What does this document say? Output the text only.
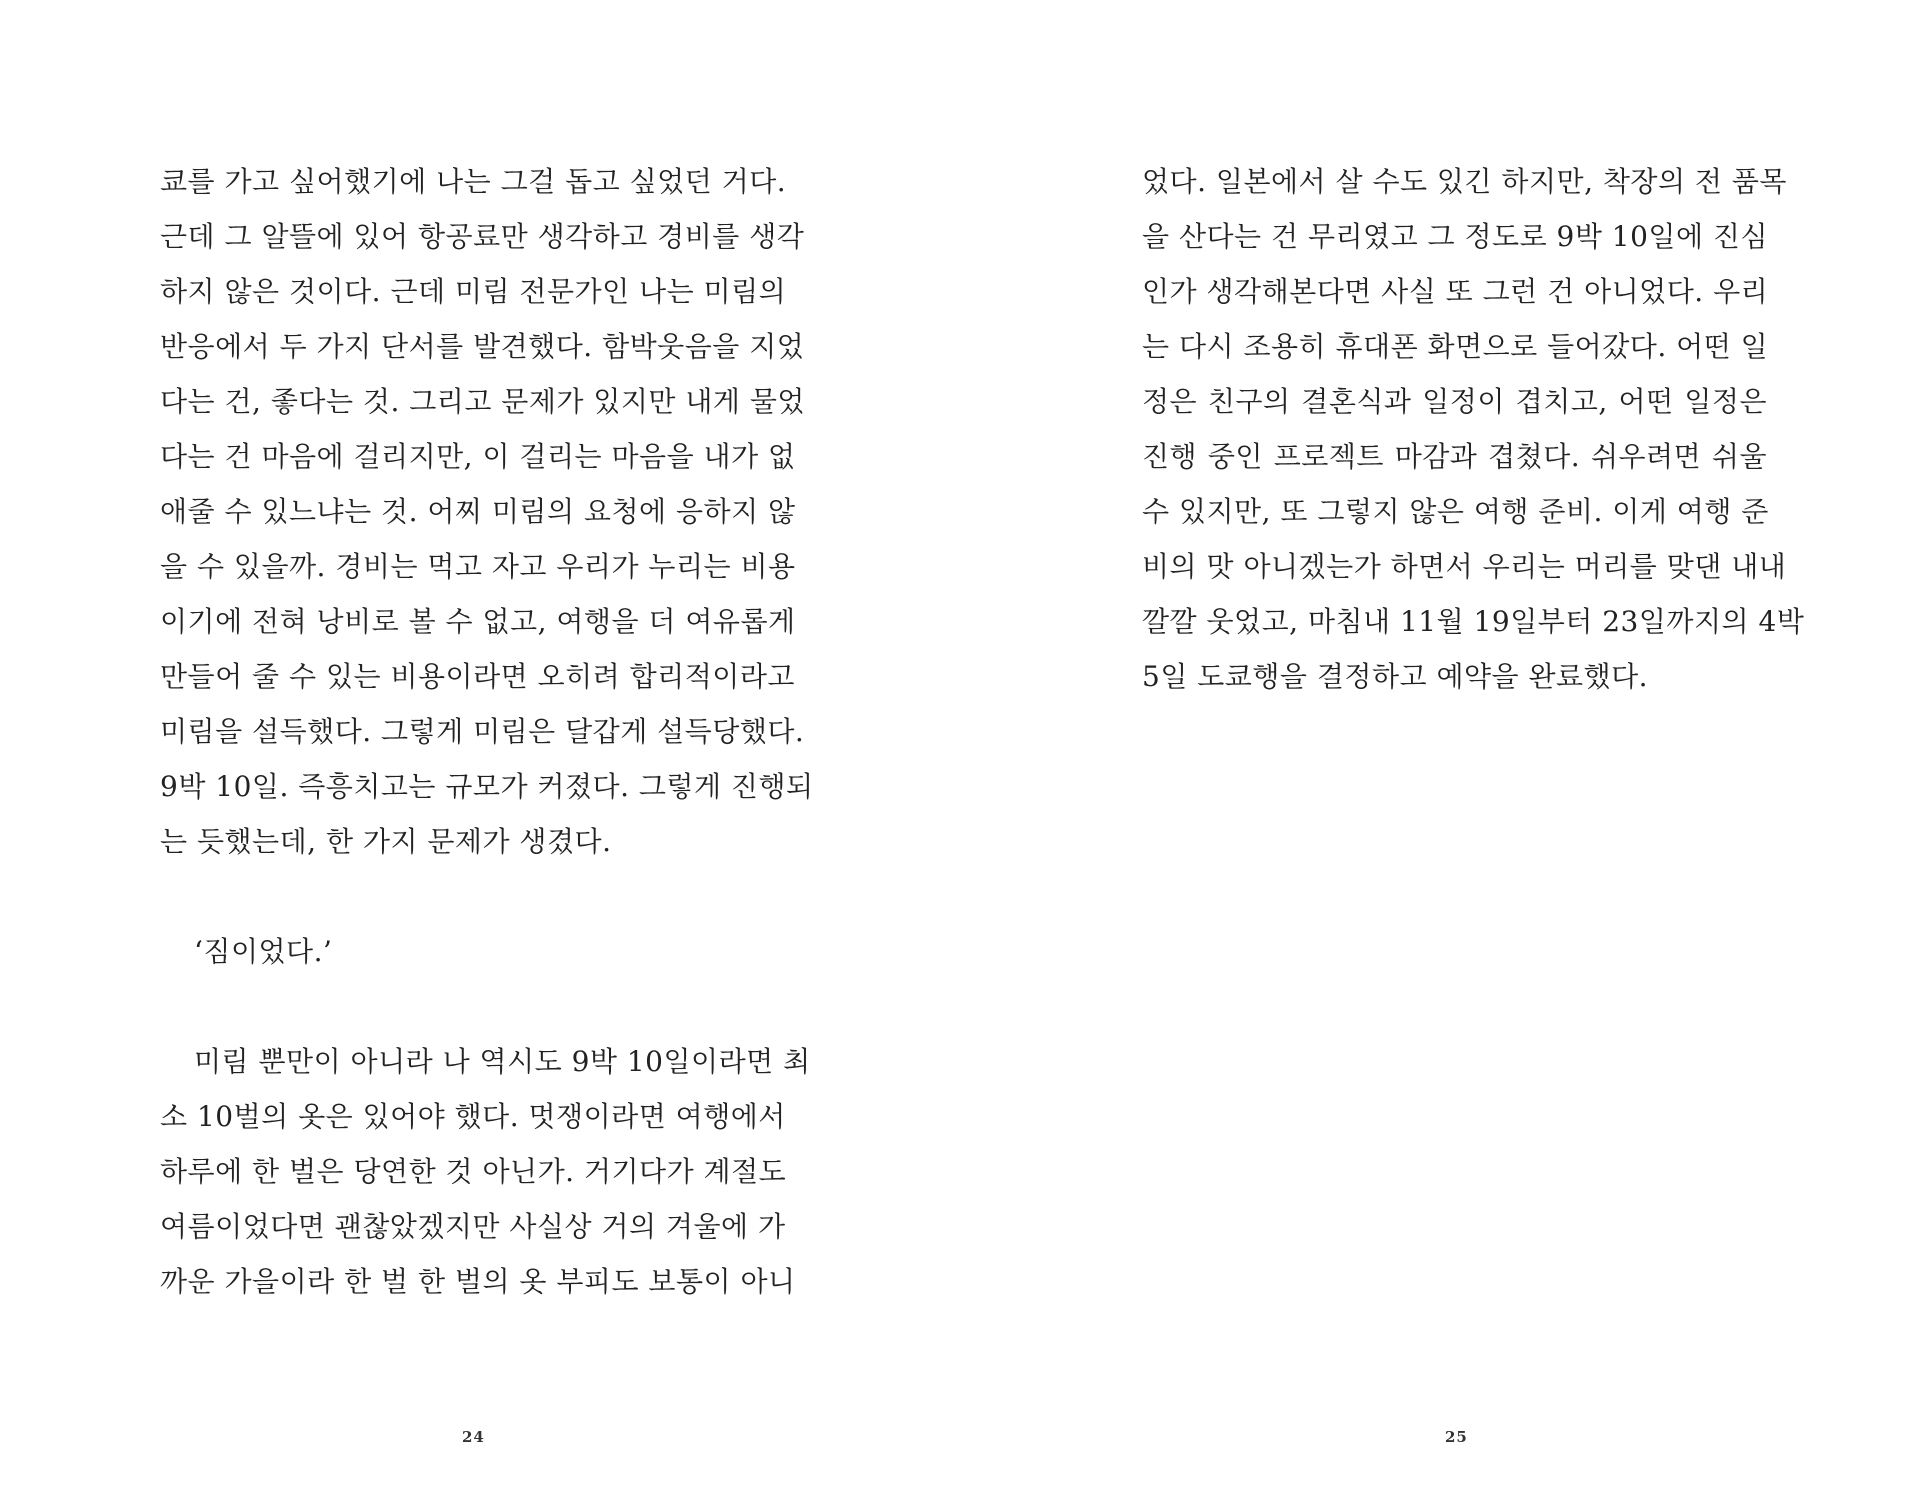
쿄를 가고 싶어했기에 나는 그걸 돕고 싶었던 거다.
근데 그 알뜰에 있어 항공료만 생각하고 경비를 생각
하지 않은 것이다. 근데 미림 전문가인 나는 미림의
반응에서 두 가지 단서를 발견했다. 함박웃음을 지었
다는 건, 좋다는 것. 그리고 문제가 있지만 내게 물었
다는 건 마음에 걸리지만, 이 걸리는 마음을 내가 없
애줄 수 있느냐는 것. 어찌 미림의 요청에 응하지 않
을 수 있을까. 경비는 먹고 자고 우리가 누리는 비용
이기에 전혀 낭비로 볼 수 없고, 여행을 더 여유롭게
만들어 줄 수 있는 비용이라면 오히려 합리적이라고
미림을 설득했다. 그렇게 미림은 달갑게 설득당했다.
9박 10일. 즉흥치고는 규모가 커졌다. 그렇게 진행되
는 듯했는데, 한 가지 문제가 생겼다.
‘짐이었다.’
미림 뿐만이 아니라 나 역시도 9박 10일이라면 최
소 10벌의 옷은 있어야 했다. 멋쟁이라면 여행에서
하루에 한 벌은 당연한 것 아닌가. 거기다가 계절도
여름이었다면 괜찮았겠지만 사실상 거의 겨울에 가
까운 가을이라 한 벌 한 벌의 옷 부피도 보통이 아니
24
었다. 일본에서 살 수도 있긴 하지만, 착장의 전 품목
을 산다는 건 무리였고 그 정도로 9박 10일에 진심
인가 생각해본다면 사실 또 그런 건 아니었다. 우리
는 다시 조용히 휴대폰 화면으로 들어갔다. 어떤 일
정은 친구의 결혼식과 일정이 겹치고, 어떤 일정은
진행 중인 프로젝트 마감과 겹쳤다. 쉬우려면 쉬울
수 있지만, 또 그렇지 않은 여행 준비. 이게 여행 준
비의 맛 아니겠는가 하면서 우리는 머리를 맞댄 내내
깔깔 웃었고, 마침내 11월 19일부터 23일까지의 4박
5일 도쿄행을 결정하고 예약을 완료했다.
25
